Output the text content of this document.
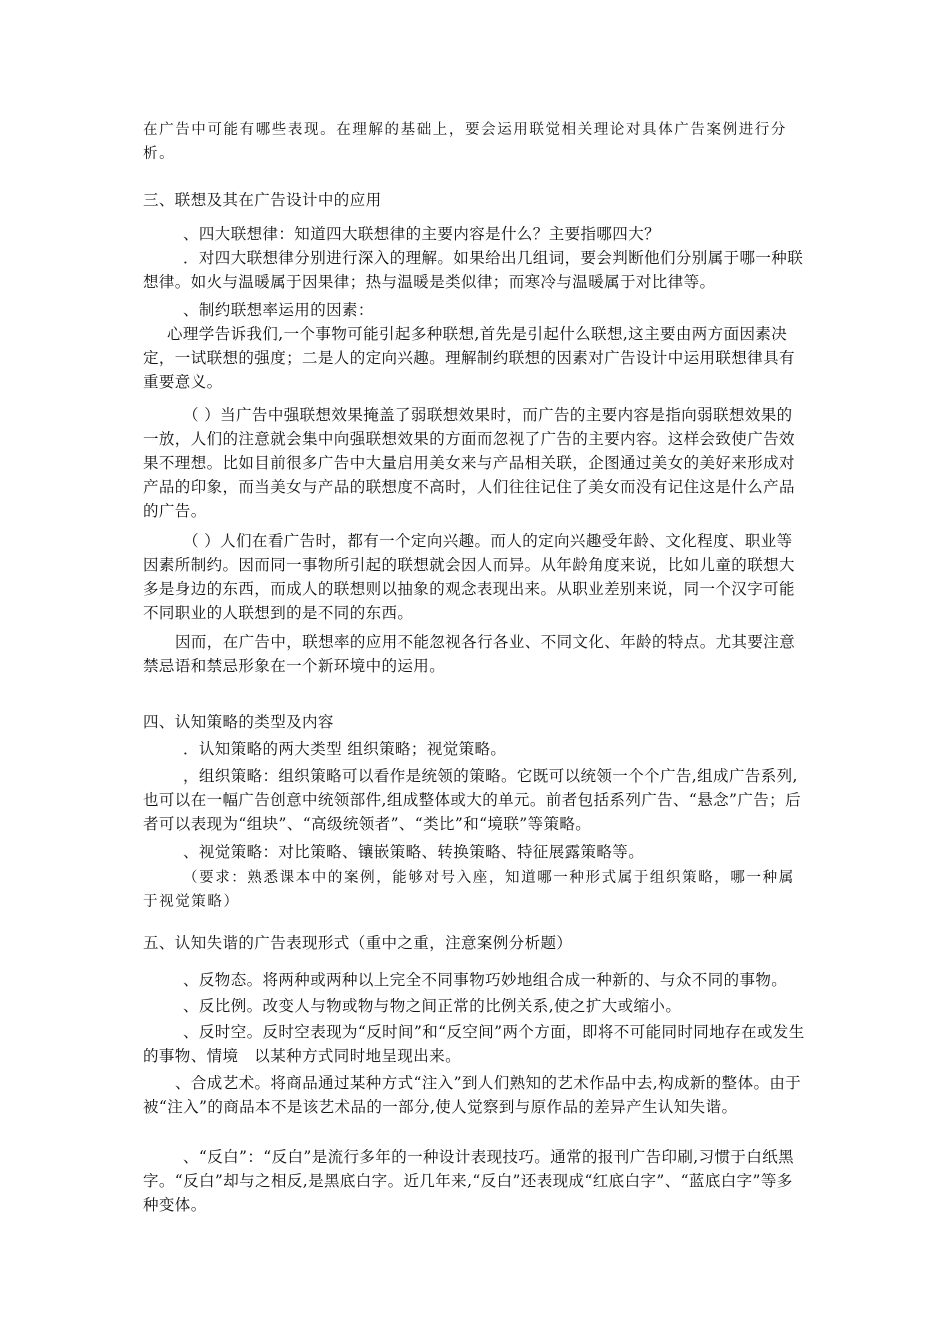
在广告中可能有哪些表现。在理解的基础上，要会运用联觉相关理论对具体广告案例进行分析。

三、联想及其在广告设计中的应用

、四大联想律：知道四大联想律的主要内容是什么？主要指哪四大？

．对四大联想律分别进行深入的理解。如果给出几组词，要会判断他们分别属于哪一种联想律。如火与温暖属于因果律；热与温暖是类似律；而寒冷与温暖属于对比律等。

、制约联想率运用的因素：

心理学告诉我们,一个事物可能引起多种联想,首先是引起什么联想,这主要由两方面因素决定，一试联想的强度；二是人的定向兴趣。理解制约联想的因素对广告设计中运用联想律具有重要意义。

（ ）当广告中强联想效果掩盖了弱联想效果时，而广告的主要内容是指向弱联想效果的一放，人们的注意就会集中向强联想效果的方面而忽视了广告的主要内容。这样会致使广告效果不理想。比如目前很多广告中大量启用美女来与产品相关联，企图通过美女的美好来形成对产品的印象，而当美女与产品的联想度不高时，人们往往记住了美女而没有记住这是什么产品的广告。

（ ）人们在看广告时，都有一个定向兴趣。而人的定向兴趣受年龄、文化程度、职业等因素所制约。因而同一事物所引起的联想就会因人而异。从年龄角度来说，比如儿童的联想大多是身边的东西，而成人的联想则以抽象的观念表现出来。从职业差别来说，同一个汉字可能不同职业的人联想到的是不同的东西。

因而，在广告中，联想率的应用不能忽视各行各业、不同文化、年龄的特点。尤其要注意禁忌语和禁忌形象在一个新环境中的运用。

四、认知策略的类型及内容

．认知策略的两大类型 组织策略；视觉策略。

，组织策略：组织策略可以看作是统领的策略。它既可以统领一个个广告,组成广告系列,也可以在一幅广告创意中统领部件,组成整体或大的单元。前者包括系列广告、“悬念”广告；后者可以表现为“组块”、“高级统领者”、“类比”和“境联”等策略。

、视觉策略：对比策略、镶嵌策略、转换策略、特征展露策略等。

（要求：熟悉课本中的案例，能够对号入座，知道哪一种形式属于组织策略，哪一种属于视觉策略）

五、认知失谐的广告表现形式（重中之重，注意案例分析题）

、反物态。将两种或两种以上完全不同事物巧妙地组合成一种新的、与众不同的事物。

、反比例。改变人与物或物与物之间正常的比例关系,使之扩大或缩小。

、反时空。反时空表现为“反时间”和“反空间”两个方面，即将不可能同时同地存在或发生的事物、情境　以某种方式同时地呈现出来。

、合成艺术。将商品通过某种方式“注入”到人们熟知的艺术作品中去,构成新的整体。由于被“注入”的商品本不是该艺术品的一部分,使人觉察到与原作品的差异产生认知失谐。

、“反白”：“反白”是流行多年的一种设计表现技巧。通常的报刊广告印刷,习惯于白纸黑字。“反白”却与之相反,是黑底白字。近几年来,“反白”还表现成“红底白字”、“蓝底白字”等多种变体。
